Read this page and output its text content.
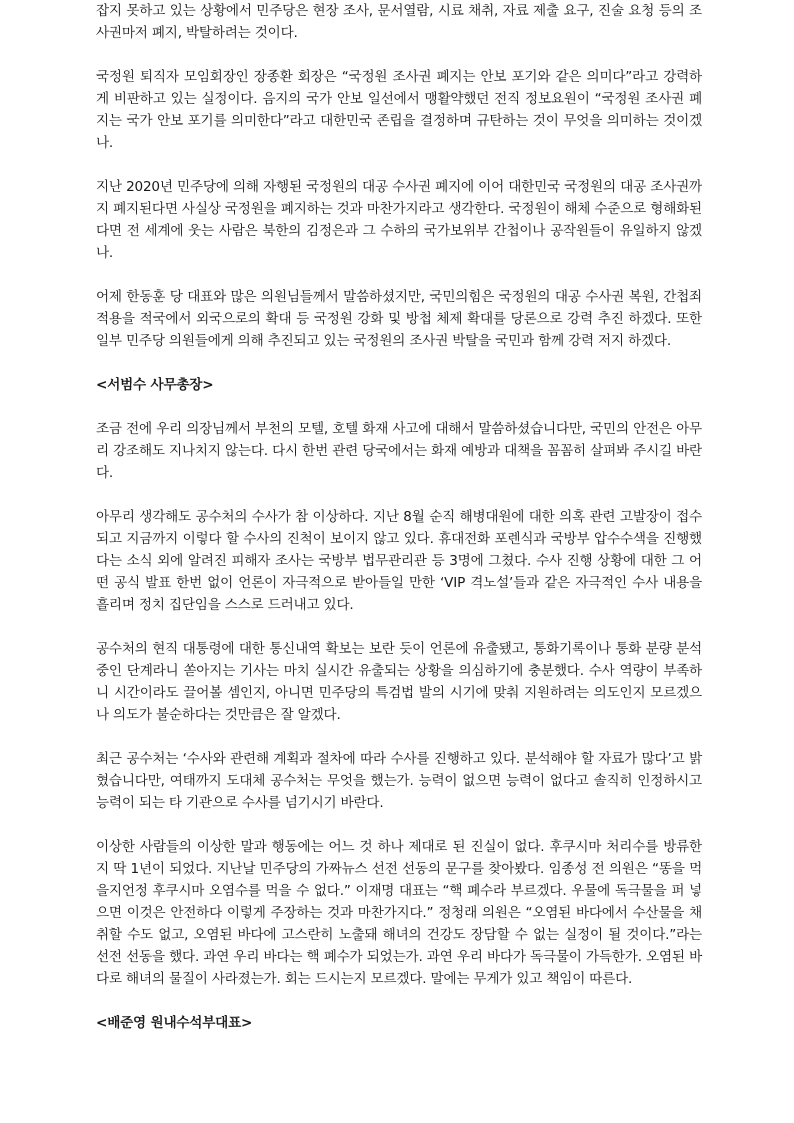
잡지 못하고 있는 상황에서 민주당은 현장 조사, 문서열람, 시료 채취, 자료 제출 요구, 진술 요청 등의 조사권마저 폐지, 박탈하려는 것이다.

국정원 퇴직자 모임회장인 장종환 회장은 “국정원 조사권 폐지는 안보 포기와 같은 의미다”라고 강력하게 비판하고 있는 실정이다. 음지의 국가 안보 일선에서 맹활약했던 전직 정보요원이 “국정원 조사권 폐지는 국가 안보 포기를 의미한다”라고 대한민국 존립을 결정하며 규탄하는 것이 무엇을 의미하는 것이겠나.

지난 2020년 민주당에 의해 자행된 국정원의 대공 수사권 폐지에 이어 대한민국 국정원의 대공 조사권까지 폐지된다면 사실상 국정원을 폐지하는 것과 마찬가지라고 생각한다. 국정원이 해체 수준으로 형해화된다면 전 세계에 웃는 사람은 북한의 김정은과 그 수하의 국가보위부 간첩이나 공작원들이 유일하지 않겠나.

어제 한동훈 당 대표와 많은 의원님들께서 말씀하셨지만, 국민의힘은 국정원의 대공 수사권 복원, 간첩죄 적용을 적국에서 외국으로의 확대 등 국정원 강화 및 방첩 체제 확대를 당론으로 강력 추진 하겠다. 또한 일부 민주당 의원들에게 의해 추진되고 있는 국정원의 조사권 박탈을 국민과 함께 강력 저지 하겠다.

<서범수 사무총장>

조금 전에 우리 의장님께서 부천의 모텔, 호텔 화재 사고에 대해서 말씀하셨습니다만, 국민의 안전은 아무리 강조해도 지나치지 않는다. 다시 한번 관련 당국에서는 화재 예방과 대책을 꼼꼼히 살펴봐 주시길 바란다.

아무리 생각해도 공수처의 수사가 참 이상하다. 지난 8월 순직 해병대원에 대한 의혹 관련 고발장이 접수되고 지금까지 이렇다 할 수사의 진척이 보이지 않고 있다. 휴대전화 포렌식과 국방부 압수수색을 진행했다는 소식 외에 알려진 피해자 조사는 국방부 법무관리관 등 3명에 그쳤다. 수사 진행 상황에 대한 그 어떤 공식 발표 한번 없이 언론이 자극적으로 받아들일 만한 ‘VIP 격노설’들과 같은 자극적인 수사 내용을 흘리며 정치 집단임을 스스로 드러내고 있다.

공수처의 현직 대통령에 대한 통신내역 확보는 보란 듯이 언론에 유출됐고, 통화기록이나 통화 분량 분석 중인 단계라니 쏟아지는 기사는 마치 실시간 유출되는 상황을 의심하기에 충분했다. 수사 역량이 부족하니 시간이라도 끌어볼 셈인지, 아니면 민주당의 특검법 발의 시기에 맞춰 지원하려는 의도인지 모르겠으나 의도가 불순하다는 것만큼은 잘 알겠다.

최근 공수처는 ‘수사와 관련해 계획과 절차에 따라 수사를 진행하고 있다. 분석해야 할 자료가 많다’고 밝혔습니다만, 여태까지 도대체 공수처는 무엇을 했는가. 능력이 없으면 능력이 없다고 솔직히 인정하시고 능력이 되는 타 기관으로 수사를 넘기시기 바란다.

이상한 사람들의 이상한 말과 행동에는 어느 것 하나 제대로 된 진실이 없다. 후쿠시마 처리수를 방류한 지 딱 1년이 되었다. 지난날 민주당의 가짜뉴스 선전 선동의 문구를 찾아봤다. 임종성 전 의원은 “똥을 먹을지언정 후쿠시마 오염수를 먹을 수 없다.” 이재명 대표는 “핵 폐수라 부르겠다. 우물에 독극물을 퍼 넣으면 이것은 안전하다 이렇게 주장하는 것과 마찬가지다.” 정청래 의원은 “오염된 바다에서 수산물을 채취할 수도 없고, 오염된 바다에 고스란히 노출돼 해녀의 건강도 장담할 수 없는 실정이 될 것이다.”라는 선전 선동을 했다. 과연 우리 바다는 핵 폐수가 되었는가. 과연 우리 바다가 독극물이 가득한가. 오염된 바다로 해녀의 물질이 사라졌는가. 회는 드시는지 모르겠다. 말에는 무게가 있고 책임이 따른다.

<배준영 원내수석부대표>
